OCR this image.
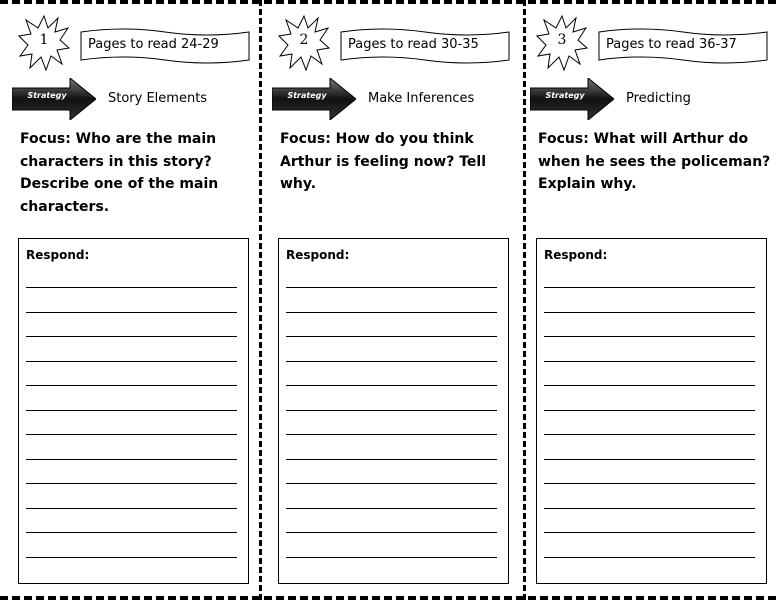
1	Pages to read 24-29
Strategy	Story Elements
Focus: Who are the main characters in this story? Describe one of the main characters.
Respond:
2	Pages to read 30-35
Strategy	Make Inferences
Focus: How do you think Arthur is feeling now? Tell why.
Respond:
3	Pages to read 36-37
Strategy	Predicting
Focus: What will Arthur do when he sees the policeman? Explain why.
Respond:
